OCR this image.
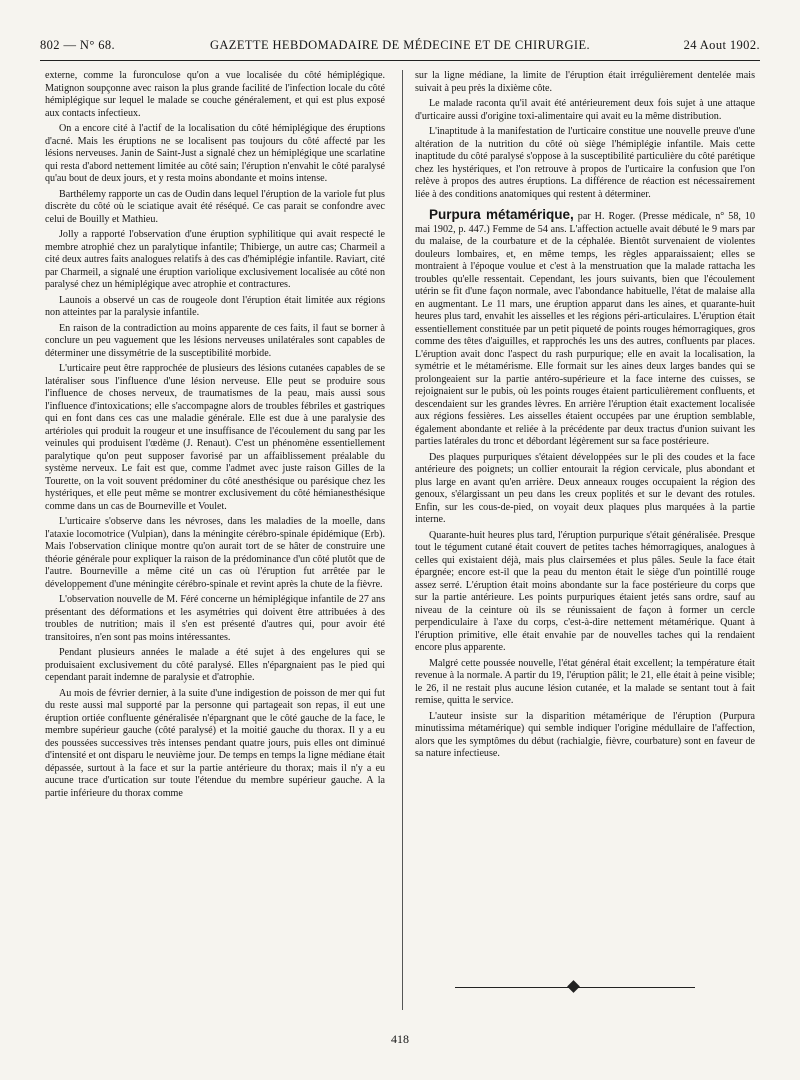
802 — N° 68.	GAZETTE HEBDOMADAIRE DE MÉDECINE ET DE CHIRURGIE.	24 Aout 1902.

externe, comme la furonculose qu'on a vue localisée du côté hémiplégique. Matignon soupçonne avec raison la plus grande facilité de l'infection locale du côté hémiplégique sur lequel le malade se couche généralement, et qui est plus exposé aux contacts infectieux.

On a encore cité à l'actif de la localisation du côté hémiplégique des éruptions d'acné. Mais les éruptions ne se localisent pas toujours du côté affecté par les lésions nerveuses. Janin de Saint-Just a signalé chez un hémiplégique une scarlatine qui resta d'abord nettement limitée au côté sain; l'éruption n'envahit le côté paralysé qu'au bout de deux jours, et y resta moins abondante et moins intense.

Barthélemy rapporte un cas de Oudin dans lequel l'éruption de la variole fut plus discrète du côté où le sciatique avait été réséqué. Ce cas parait se confondre avec celui de Bouilly et Mathieu.

Jolly a rapporté l'observation d'une éruption syphilitique qui avait respecté le membre atrophié chez un paralytique infantile; Thibierge, un autre cas; Charmeil a cité deux autres faits analogues relatifs à des cas d'hémiplégie infantile. Raviart, cité par Charmeil, a signalé une éruption variolique exclusivement localisée au côté non paralysé chez un hémiplégique avec atrophie et contractures.

Launois a observé un cas de rougeole dont l'éruption était limitée aux régions non atteintes par la paralysie infantile.

En raison de la contradiction au moins apparente de ces faits, il faut se borner à conclure un peu vaguement que les lésions nerveuses unilatérales sont capables de déterminer une dissymétrie de la susceptibilité morbide.

L'urticaire peut être rapprochée de plusieurs des lésions cutanées capables de se latéraliser sous l'influence d'une lésion nerveuse. Elle peut se produire sous l'influence de choses nerveux, de traumatismes de la peau, mais aussi sous l'influence d'intoxications; elle s'accompagne alors de troubles fébriles et gastriques qui en font dans ces cas une maladie générale. Elle est due à une paralysie des artérioles qui produit la rougeur et une insuffisance de l'écoulement du sang par les veinules qui produisent l'œdème (J. Renaut). C'est un phénomène essentiellement paralytique qu'on peut supposer favorisé par un affaiblissement préalable du système nerveux. Le fait est que, comme l'admet avec juste raison Gilles de la Tourette, on la voit souvent prédominer du côté anesthésique ou parésique chez les hystériques, et elle peut même se montrer exclusivement du côté hémianesthésique comme dans un cas de Bourneville et Voulet.

L'urticaire s'observe dans les névroses, dans les maladies de la moelle, dans l'ataxie locomotrice (Vulpian), dans la méningite cérébro-spinale épidémique (Erb). Mais l'observation clinique montre qu'on aurait tort de se hâter de construire une théorie générale pour expliquer la raison de la prédominance d'un côté plutôt que de l'autre. Bourneville a même cité un cas où l'éruption fut arrêtée par le développement d'une méningite cérébro-spinale et revint après la chute de la fièvre.

L'observation nouvelle de M. Féré concerne un hémiplégique infantile de 27 ans présentant des déformations et les asymétries qui doivent être attribuées à des troubles de nutrition; mais il s'en est présenté d'autres qui, pour avoir été transitoires, n'en sont pas moins intéressantes.

Pendant plusieurs années le malade a été sujet à des engelures qui se produisaient exclusivement du côté paralysé. Elles n'épargnaient pas le pied qui cependant parait indemne de paralysie et d'atrophie.

Au mois de février dernier, à la suite d'une indigestion de poisson de mer qui fut du reste aussi mal supporté par la personne qui partageait son repas, il eut une éruption ortiée confluente généralisée n'épargnant que le côté gauche de la face, le membre supérieur gauche (côté paralysé) et la moitié gauche du thorax. Il y a eu des poussées successives très intenses pendant quatre jours, puis elles ont diminué d'intensité et ont disparu le neuvième jour. De temps en temps la ligne médiane était dépassée, surtout à la face et sur la partie antérieure du thorax; mais il n'y a eu aucune trace d'urtication sur toute l'étendue du membre supérieur gauche. A la partie inférieure du thorax comme

sur la ligne médiane, la limite de l'éruption était irrégulièrement dentelée mais suivait à peu près la dixième côte.

Le malade raconta qu'il avait été antérieurement deux fois sujet à une attaque d'urticaire aussi d'origine toxi-alimentaire qui avait eu la même distribution.

L'inaptitude à la manifestation de l'urticaire constitue une nouvelle preuve d'une altération de la nutrition du côté où siège l'hémiplégie infantile. Mais cette inaptitude du côté paralysé s'oppose à la susceptibilité particulière du côté parétique chez les hystériques, et l'on retrouve à propos de l'urticaire la confusion que l'on relève à propos des autres éruptions. La différence de réaction est nécessairement liée à des conditions anatomiques qui restent à déterminer.

Purpura métamérique, par H. Roger. (Presse médicale, n° 58, 10 mai 1902, p. 447.) Femme de 54 ans. L'affection actuelle avait débuté le 9 mars par du malaise, de la courbature et de la céphalée. Bientôt survenaient de violentes douleurs lombaires, et, en même temps, les règles apparaissaient; elles se montraient à l'époque voulue et c'est à la menstruation que la malade rattacha les troubles qu'elle ressentait. Cependant, les jours suivants, bien que l'écoulement utérin se fit d'une façon normale, avec l'abondance habituelle, l'état de malaise alla en augmentant. Le 11 mars, une éruption apparut dans les aines, et quarante-huit heures plus tard, envahit les aisselles et les régions péri-articulaires. L'éruption était essentiellement constituée par un petit piqueté de points rouges hémorragiques, gros comme des têtes d'aiguilles, et rapprochés les uns des autres, confluents par places. L'éruption avait donc l'aspect du rash purpurique; elle en avait la localisation, la symétrie et le métamérisme. Elle formait sur les aines deux larges bandes qui se prolongeaient sur la partie antéro-supérieure et la face interne des cuisses, se rejoignaient sur le pubis, où les points rouges étaient particulièrement confluents, et descendaient sur les grandes lèvres. En arrière l'éruption était exactement localisée aux régions fessières. Les aisselles étaient occupées par une éruption semblable, également abondante et reliée à la précédente par deux tractus d'union suivant les parties latérales du tronc et débordant légèrement sur sa face postérieure.

Des plaques purpuriques s'étaient développées sur le pli des coudes et la face antérieure des poignets; un collier entourait la région cervicale, plus abondant et plus large en avant qu'en arrière. Deux anneaux rouges occupaient la région des genoux, s'élargissant un peu dans les creux poplités et sur le devant des rotules. Enfin, sur les cous-de-pied, on voyait deux plaques plus marquées à la partie interne.

Quarante-huit heures plus tard, l'éruption purpurique s'était généralisée. Presque tout le tégument cutané était couvert de petites taches hémorragiques, analogues à celles qui existaient déjà, mais plus clairsemées et plus pâles. Seule la face était épargnée; encore est-il que la peau du menton était le siège d'un pointillé rouge assez serré. L'éruption était moins abondante sur la face postérieure du corps que sur la partie antérieure. Les points purpuriques étaient jetés sans ordre, sauf au niveau de la ceinture où ils se réunissaient de façon à former un cercle perpendiculaire à l'axe du corps, c'est-à-dire nettement métamérique. Quant à l'éruption primitive, elle était envahie par de nouvelles taches qui la rendaient encore plus apparente.

Malgré cette poussée nouvelle, l'état général était excellent; la température était revenue à la normale. A partir du 19, l'éruption pâlit; le 21, elle était à peine visible; le 26, il ne restait plus aucune lésion cutanée, et la malade se sentant tout à fait remise, quitta le service.

L'auteur insiste sur la disparition métamérique de l'éruption (Purpura minutissima métamérique) qui semble indiquer l'origine médullaire de l'affection, alors que les symptômes du début (rachialgie, fièvre, courbature) sont en faveur de sa nature infectieuse.

418
